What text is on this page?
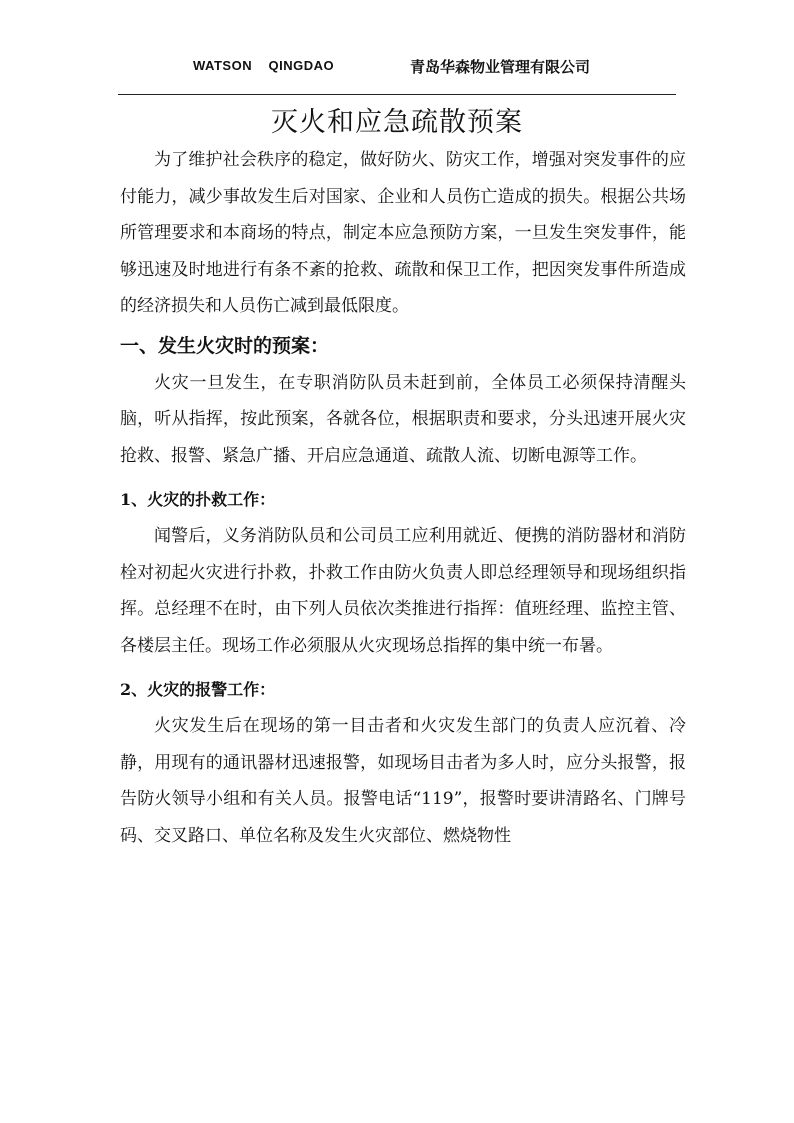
WATSON    QINGDAO	青岛华森物业管理有限公司
灭火和应急疏散预案

为了维护社会秩序的稳定，做好防火、防灾工作，增强对突发事件的应付能力，减少事故发生后对国家、企业和人员伤亡造成的损失。根据公共场所管理要求和本商场的特点，制定本应急预防方案，一旦发生突发事件，能够迅速及时地进行有条不紊的抢救、疏散和保卫工作，把因突发事件所造成的经济损失和人员伤亡减到最低限度。

一、发生火灾时的预案：

火灾一旦发生，在专职消防队员未赶到前，全体员工必须保持清醒头脑，听从指挥，按此预案，各就各位，根据职责和要求，分头迅速开展火灾抢救、报警、紧急广播、开启应急通道、疏散人流、切断电源等工作。

1、火灾的扑救工作：

闻警后，义务消防队员和公司员工应利用就近、便携的消防器材和消防栓对初起火灾进行扑救，扑救工作由防火负责人即总经理领导和现场组织指挥。总经理不在时，由下列人员依次类推进行指挥：值班经理、监控主管、各楼层主任。现场工作必须服从火灾现场总指挥的集中统一布暑。

2、火灾的报警工作：

火灾发生后在现场的第一目击者和火灾发生部门的负责人应沉着、冷静，用现有的通讯器材迅速报警，如现场目击者为多人时，应分头报警，报告防火领导小组和有关人员。报警电话“119”，报警时要讲清路名、门牌号码、交叉路口、单位名称及发生火灾部位、燃烧物性
